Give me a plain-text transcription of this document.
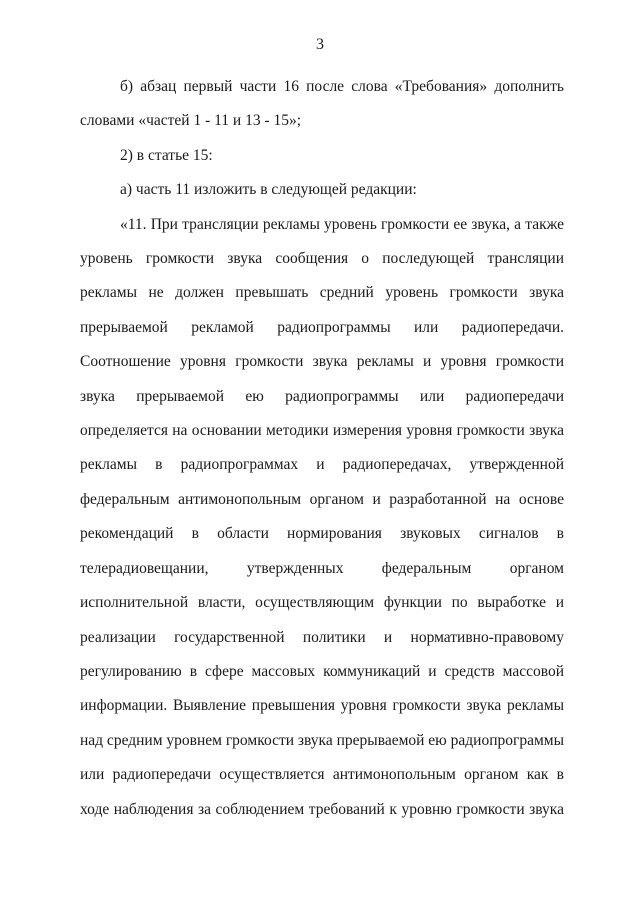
3

б) абзац первый части 16 после слова «Требования» дополнить словами «частей 1 - 11 и 13 - 15»;

2) в статье 15:

а) часть 11 изложить в следующей редакции:

«11. При трансляции рекламы уровень громкости ее звука, а также уровень громкости звука сообщения о последующей трансляции рекламы не должен превышать средний уровень громкости звука прерываемой рекламой радиопрограммы или радиопередачи. Соотношение уровня громкости звука рекламы и уровня громкости звука прерываемой ею радиопрограммы или радиопередачи определяется на основании методики измерения уровня громкости звука рекламы в радиопрограммах и радиопередачах, утвержденной федеральным антимонопольным органом и разработанной на основе рекомендаций в области нормирования звуковых сигналов в телерадиовещании, утвержденных федеральным органом исполнительной власти, осуществляющим функции по выработке и реализации государственной политики и нормативно-правовому регулированию в сфере массовых коммуникаций и средств массовой информации. Выявление превышения уровня громкости звука рекламы над средним уровнем громкости звука прерываемой ею радиопрограммы или радиопередачи осуществляется антимонопольным органом как в ходе наблюдения за соблюдением требований к уровню громкости звука
